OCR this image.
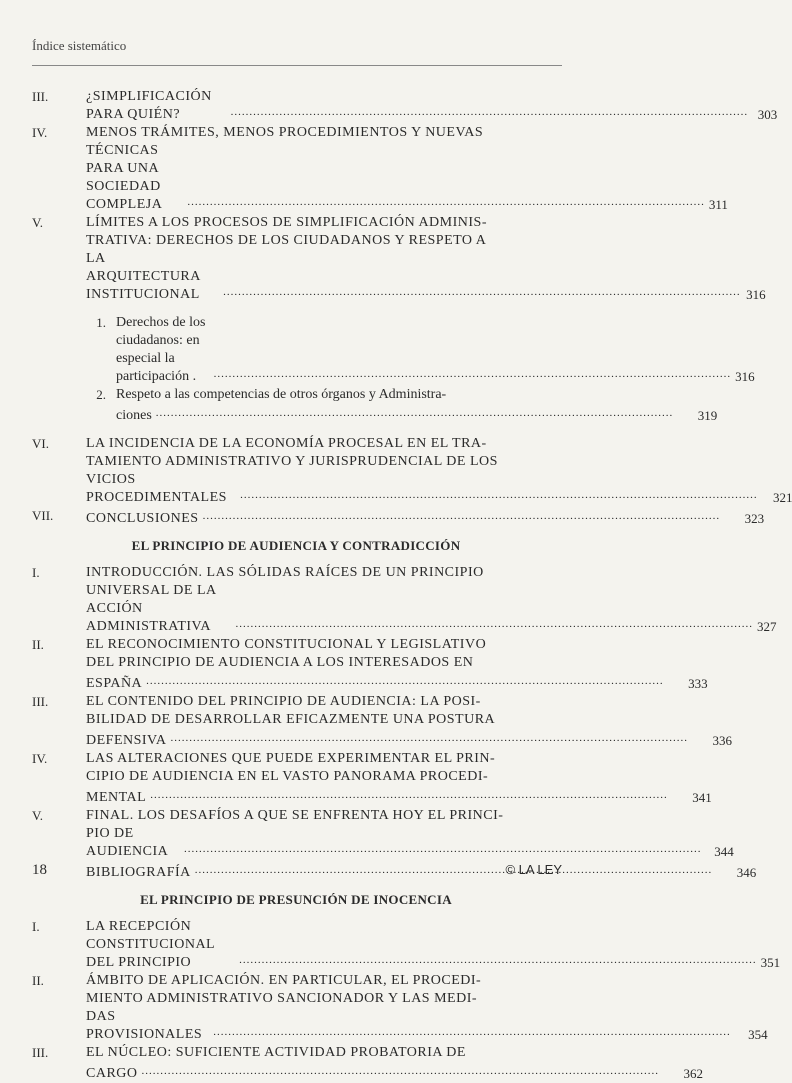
Índice sistemático
III.	¿SIMPLIFICACIÓN PARA QUIÉN? .....	303
IV.	MENOS TRÁMITES, MENOS PROCEDIMIENTOS Y NUEVAS
TÉCNICAS PARA UNA SOCIEDAD COMPLEJA .....	311
V.	LÍMITES A LOS PROCESOS DE SIMPLIFICACIÓN ADMINIS-
TRATIVA: DERECHOS DE LOS CIUDADANOS Y RESPETO A
LA ARQUITECTURA INSTITUCIONAL .....	316
1. Derechos de los ciudadanos: en especial la participación . .....	316
2. Respeto a las competencias de otros órganos y Administra-
ciones .....	319
VI.	LA INCIDENCIA DE LA ECONOMÍA PROCESAL EN EL TRA-
TAMIENTO ADMINISTRATIVO Y JURISPRUDENCIAL DE LOS
VICIOS PROCEDIMENTALES .....	321
VII.	CONCLUSIONES .....	323
EL PRINCIPIO DE AUDIENCIA Y CONTRADICCIÓN
I.	INTRODUCCIÓN. LAS SÓLIDAS RAÍCES DE UN PRINCIPIO
UNIVERSAL DE LA ACCIÓN ADMINISTRATIVA .....	327
II.	EL RECONOCIMIENTO CONSTITUCIONAL Y LEGISLATIVO
DEL PRINCIPIO DE AUDIENCIA A LOS INTERESADOS EN
ESPAÑA .....	333
III.	EL CONTENIDO DEL PRINCIPIO DE AUDIENCIA: LA POSI-
BILIDAD DE DESARROLLAR EFICAZMENTE UNA POSTURA
DEFENSIVA .....	336
IV.	LAS ALTERACIONES QUE PUEDE EXPERIMENTAR EL PRIN-
CIPIO DE AUDIENCIA EN EL VASTO PANORAMA PROCEDI-
MENTAL .....	341
V.	FINAL. LOS DESAFÍOS A QUE SE ENFRENTA HOY EL PRINCI-
PIO DE AUDIENCIA .....	344
BIBLIOGRAFÍA .....	346
EL PRINCIPIO DE PRESUNCIÓN DE INOCENCIA
I.	LA RECEPCIÓN CONSTITUCIONAL DEL PRINCIPIO .....	351
II.	ÁMBITO DE APLICACIÓN. EN PARTICULAR, EL PROCEDI-
MIENTO ADMINISTRATIVO SANCIONADOR Y LAS MEDI-
DAS PROVISIONALES .....	354
III.	EL NÚCLEO: SUFICIENTE ACTIVIDAD PROBATORIA DE
CARGO .....	362
18	© LA LEY
